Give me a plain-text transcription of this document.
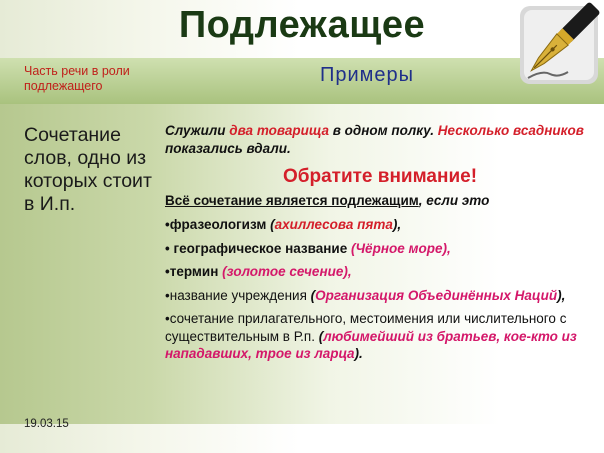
Подлежащее
Часть речи в роли подлежащего	Примеры
Сочетание слов, одно из которых стоит в И.п.
Служили два товарища в одном полку. Несколько всадников показались вдали.
Обратите внимание!
Всё сочетание является подлежащим, если это
•фразеологизм (ахиллесова пята),
• географическое название (Чёрное море),
•термин (золотое сечение),
•название учреждения (Организация Объединённых Наций),
•сочетание прилагательного, местоимения или числительного с существительным в Р.п. (любимейший из братьев, кое-кто из нападавших, трое из ларца).
19.03.15
